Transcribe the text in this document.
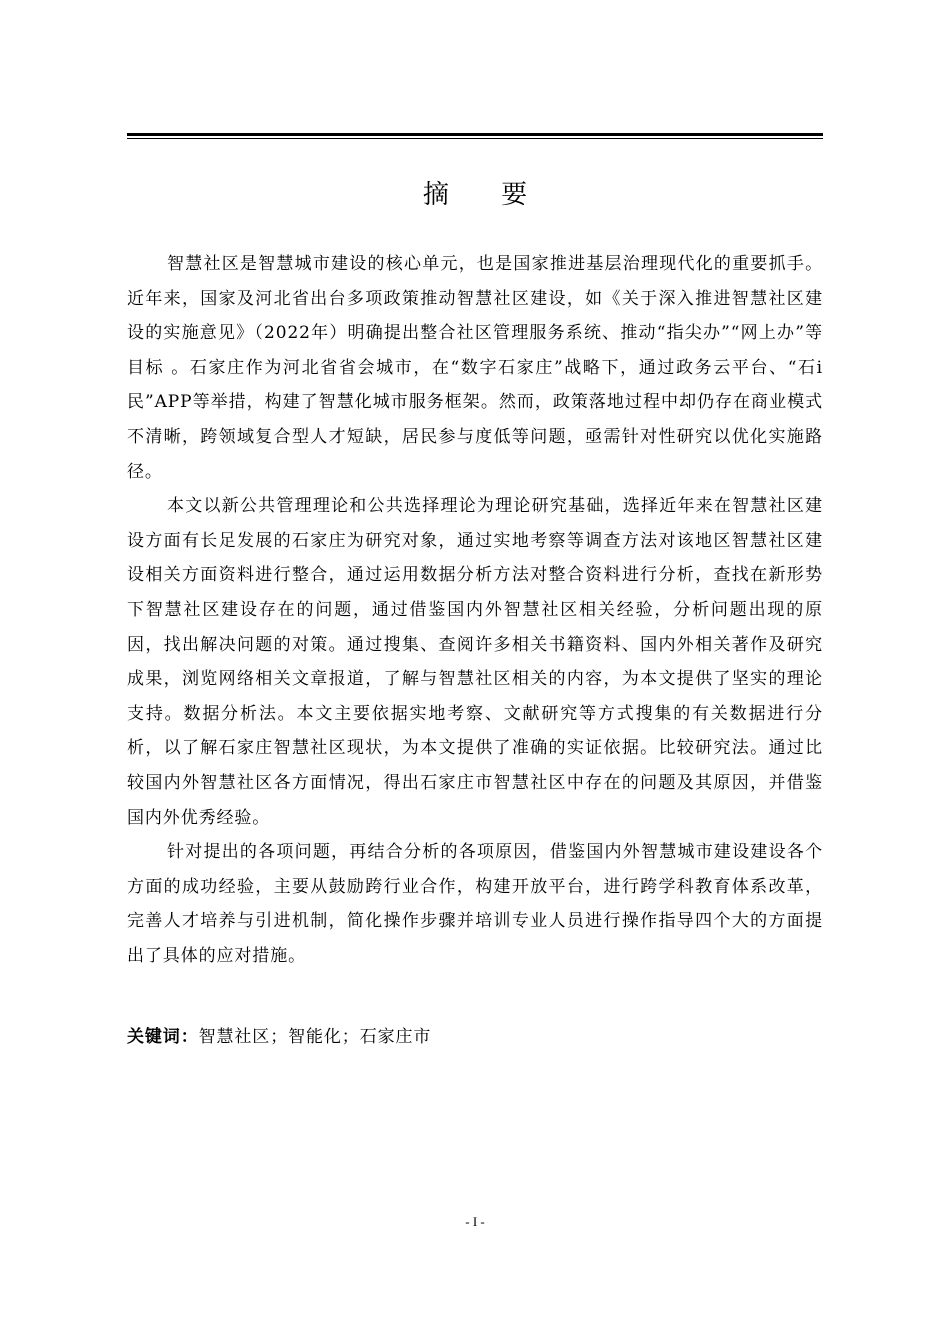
摘 要

智慧社区是智慧城市建设的核心单元，也是国家推进基层治理现代化的重要抓手。近年来，国家及河北省出台多项政策推动智慧社区建设，如《关于深入推进智慧社区建设的实施意见》（2022年）明确提出整合社区管理服务系统、推动“指尖办”“网上办”等目标 。石家庄作为河北省省会城市，在“数字石家庄”战略下，通过政务云平台、“石i民”APP等举措，构建了智慧化城市服务框架。然而，政策落地过程中却仍存在商业模式不清晰，跨领域复合型人才短缺，居民参与度低等问题，亟需针对性研究以优化实施路径。

本文以新公共管理理论和公共选择理论为理论研究基础，选择近年来在智慧社区建设方面有长足发展的石家庄为研究对象，通过实地考察等调查方法对该地区智慧社区建设相关方面资料进行整合，通过运用数据分析方法对整合资料进行分析，查找在新形势下智慧社区建设存在的问题，通过借鉴国内外智慧社区相关经验，分析问题出现的原因，找出解决问题的对策。通过搜集、查阅许多相关书籍资料、国内外相关著作及研究成果，浏览网络相关文章报道，了解与智慧社区相关的内容，为本文提供了坚实的理论支持。数据分析法。本文主要依据实地考察、文献研究等方式搜集的有关数据进行分析，以了解石家庄智慧社区现状，为本文提供了准确的实证依据。比较研究法。通过比较国内外智慧社区各方面情况，得出石家庄市智慧社区中存在的问题及其原因，并借鉴国内外优秀经验。

针对提出的各项问题，再结合分析的各项原因，借鉴国内外智慧城市建设建设各个方面的成功经验，主要从鼓励跨行业合作，构建开放平台，进行跨学科教育体系改革，完善人才培养与引进机制，简化操作步骤并培训专业人员进行操作指导四个大的方面提出了具体的应对措施。

关键词：智慧社区；智能化；石家庄市
- I -
